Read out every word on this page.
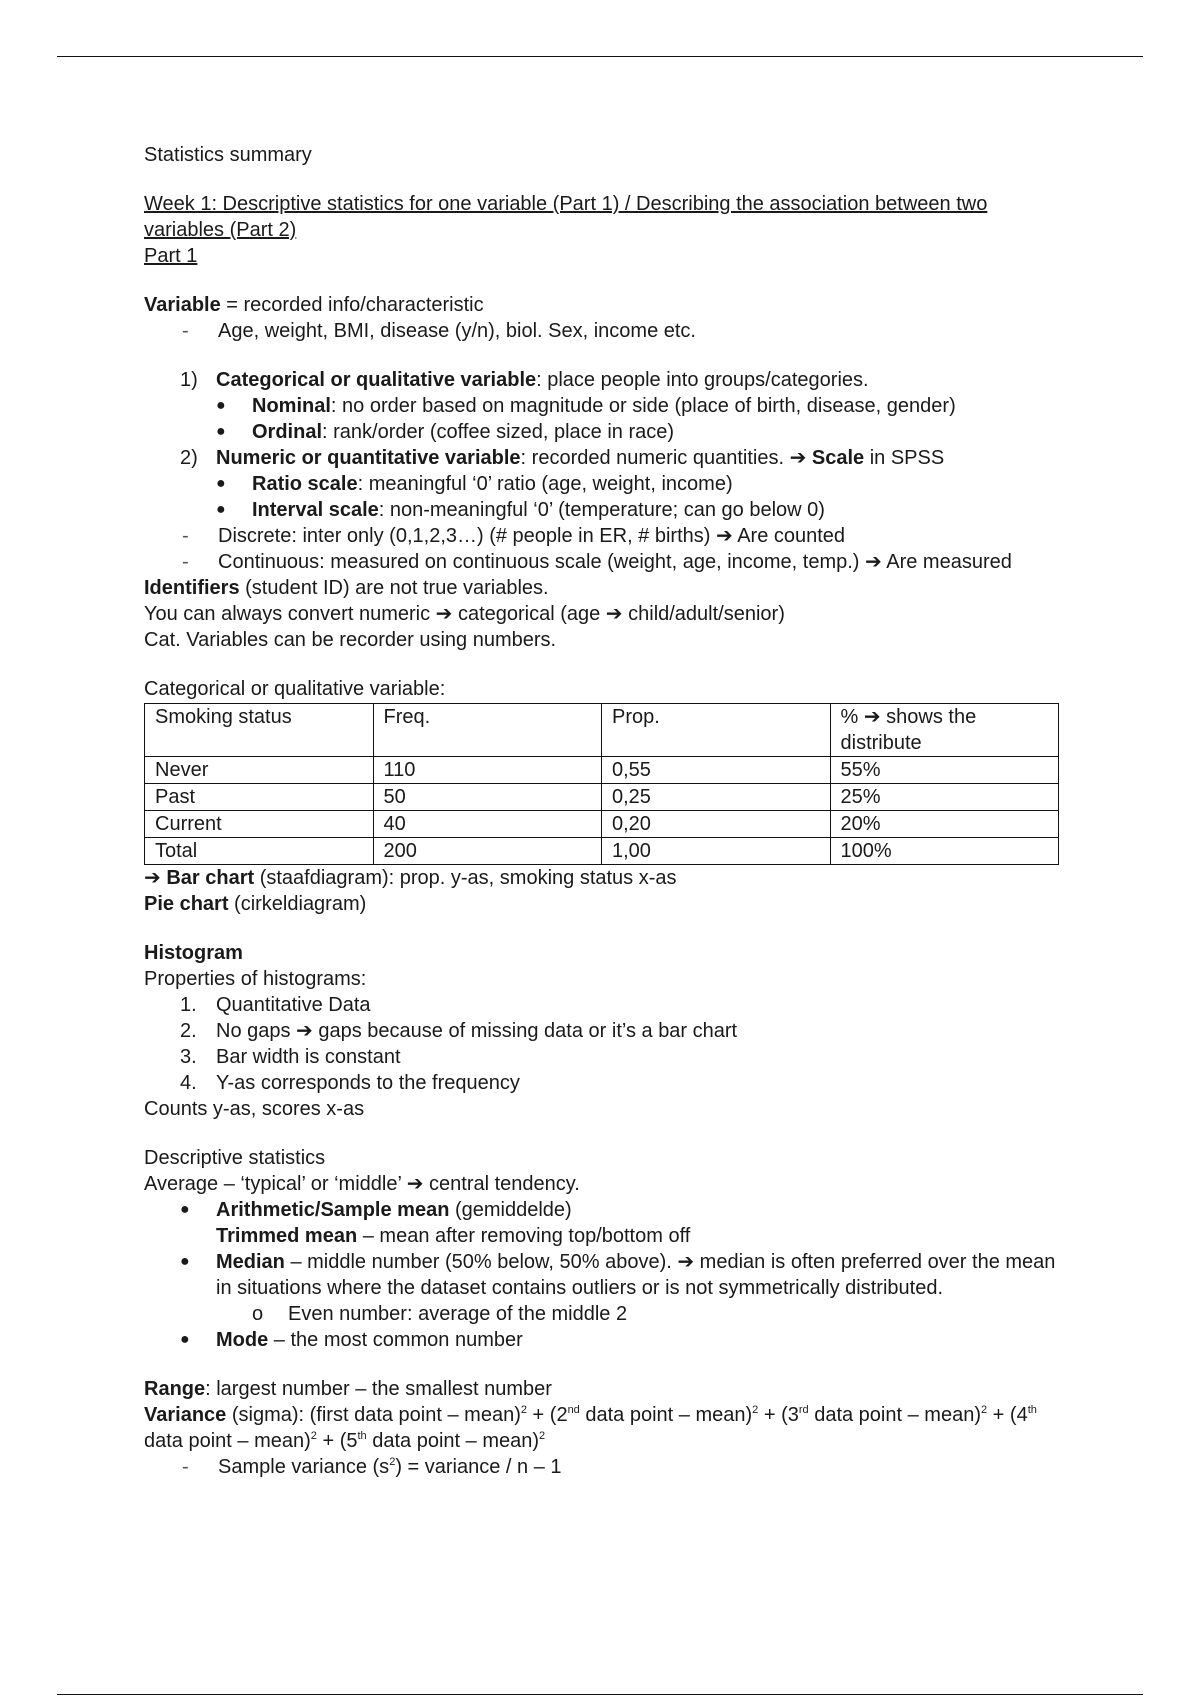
Statistics summary

Week 1: Descriptive statistics for one variable (Part 1) / Describing the association between two variables (Part 2)

Part 1

Variable = recorded info/characteristic

-	Age, weight, BMI, disease (y/n), biol. Sex, income etc.
1) Categorical or qualitative variable: place people into groups/categories.
●	Nominal: no order based on magnitude or side (place of birth, disease, gender)
●	Ordinal: rank/order (coffee sized, place in race)
2) Numeric or quantitative variable: recorded numeric quantities. ➔ Scale in SPSS
●	Ratio scale: meaningful ‘0’ ratio (age, weight, income)
●	Interval scale: non-meaningful ‘0’ (temperature; can go below 0)
-	Discrete: inter only (0,1,2,3…) (# people in ER, # births) ➔ Are counted
-	Continuous: measured on continuous scale (weight, age, income, temp.) ➔ Are measured

Identifiers (student ID) are not true variables.

You can always convert numeric ➔ categorical (age ➔ child/adult/senior)

Cat. Variables can be recorder using numbers.

Categorical or qualitative variable:

Smoking status	Freq.	Prop.	% ➔ shows the distribute
Never	110	0,55	55%
Past	50	0,25	25%
Current	40	0,20	20%
Total	200	1,00	100%

➔ Bar chart (staafdiagram): prop. y-as, smoking status x-as

Pie chart (cirkeldiagram)

Histogram

Properties of histograms:

1. Quantitative Data
2. No gaps ➔ gaps because of missing data or it’s a bar chart
3. Bar width is constant
4. Y-as corresponds to the frequency

Counts y-as, scores x-as

Descriptive statistics

Average – ‘typical’ or ‘middle’ ➔ central tendency.

●	Arithmetic/Sample mean (gemiddelde)

Trimmed mean – mean after removing top/bottom off

●	Median – middle number (50% below, 50% above). ➔ median is often preferred over the mean in situations where the dataset contains outliers or is not symmetrically distributed.
o	Even number: average of the middle 2
●	Mode – the most common number

Range: largest number – the smallest number

Variance (sigma): (first data point – mean)$^2$ + (2nd data point – mean)$^2$ + (3rd data point – mean)$^2$ + (4th data point – mean)$^2$ + (5th data point – mean)$^2$

-	Sample variance $(s^2)$ = variance / n – 1
